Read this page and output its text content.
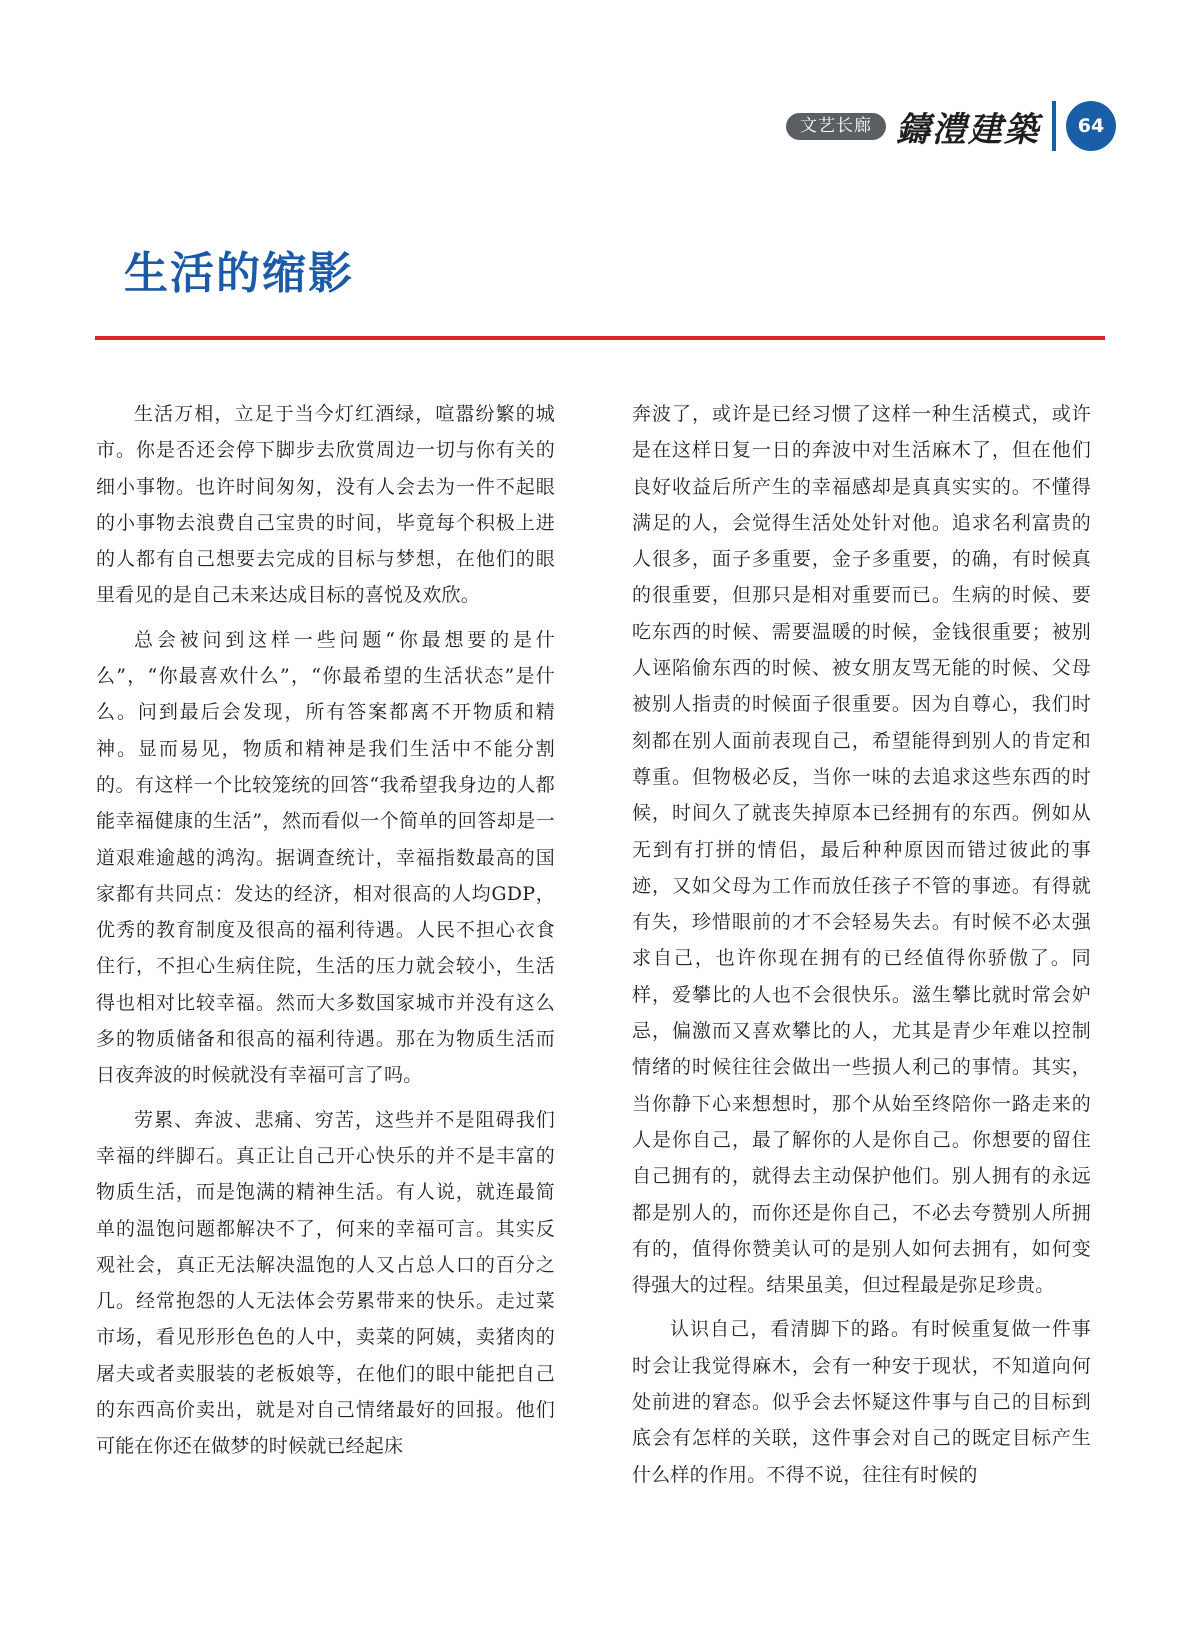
文艺长廊 鑄澧建築	64
生活的缩影

生活万相，立足于当今灯红酒绿，喧嚣纷繁的城市。你是否还会停下脚步去欣赏周边一切与你有关的细小事物。也许时间匆匆，没有人会去为一件不起眼的小事物去浪费自己宝贵的时间，毕竟每个积极上进的人都有自己想要去完成的目标与梦想，在他们的眼里看见的是自己未来达成目标的喜悦及欢欣。

总会被问到这样一些问题“你最想要的是什么”，“你最喜欢什么”，“你最希望的生活状态”是什么。问到最后会发现，所有答案都离不开物质和精神。显而易见，物质和精神是我们生活中不能分割的。有这样一个比较笼统的回答“我希望我身边的人都能幸福健康的生活”，然而看似一个简单的回答却是一道艰难逾越的鸿沟。据调查统计，幸福指数最高的国家都有共同点：发达的经济，相对很高的人均GDP，优秀的教育制度及很高的福利待遇。人民不担心衣食住行，不担心生病住院，生活的压力就会较小，生活得也相对比较幸福。然而大多数国家城市并没有这么多的物质储备和很高的福利待遇。那在为物质生活而日夜奔波的时候就没有幸福可言了吗。

劳累、奔波、悲痛、穷苦，这些并不是阻碍我们幸福的绊脚石。真正让自己开心快乐的并不是丰富的物质生活，而是饱满的精神生活。有人说，就连最简单的温饱问题都解决不了，何来的幸福可言。其实反观社会，真正无法解决温饱的人又占总人口的百分之几。经常抱怨的人无法体会劳累带来的快乐。走过菜市场，看见形形色色的人中，卖菜的阿姨，卖猪肉的屠夫或者卖服装的老板娘等，在他们的眼中能把自己的东西高价卖出，就是对自己情绪最好的回报。他们可能在你还在做梦的时候就已经起床

奔波了，或许是已经习惯了这样一种生活模式，或许是在这样日复一日的奔波中对生活麻木了，但在他们良好收益后所产生的幸福感却是真真实实的。不懂得满足的人，会觉得生活处处针对他。追求名利富贵的人很多，面子多重要，金子多重要，的确，有时候真的很重要，但那只是相对重要而已。生病的时候、要吃东西的时候、需要温暖的时候，金钱很重要；被别人诬陷偷东西的时候、被女朋友骂无能的时候、父母被别人指责的时候面子很重要。因为自尊心，我们时刻都在别人面前表现自己，希望能得到别人的肯定和尊重。但物极必反，当你一味的去追求这些东西的时候，时间久了就丧失掉原本已经拥有的东西。例如从无到有打拼的情侣，最后种种原因而错过彼此的事迹，又如父母为工作而放任孩子不管的事迹。有得就有失，珍惜眼前的才不会轻易失去。有时候不必太强求自己，也许你现在拥有的已经值得你骄傲了。同样，爱攀比的人也不会很快乐。滋生攀比就时常会妒忌，偏激而又喜欢攀比的人，尤其是青少年难以控制情绪的时候往往会做出一些损人利己的事情。其实，当你静下心来想想时，那个从始至终陪你一路走来的人是你自己，最了解你的人是你自己。你想要的留住自己拥有的，就得去主动保护他们。别人拥有的永远都是别人的，而你还是你自己，不必去夸赞别人所拥有的，值得你赞美认可的是别人如何去拥有，如何变得强大的过程。结果虽美，但过程最是弥足珍贵。

认识自己，看清脚下的路。有时候重复做一件事时会让我觉得麻木，会有一种安于现状，不知道向何处前进的窘态。似乎会去怀疑这件事与自己的目标到底会有怎样的关联，这件事会对自己的既定目标产生什么样的作用。不得不说，往往有时候的
